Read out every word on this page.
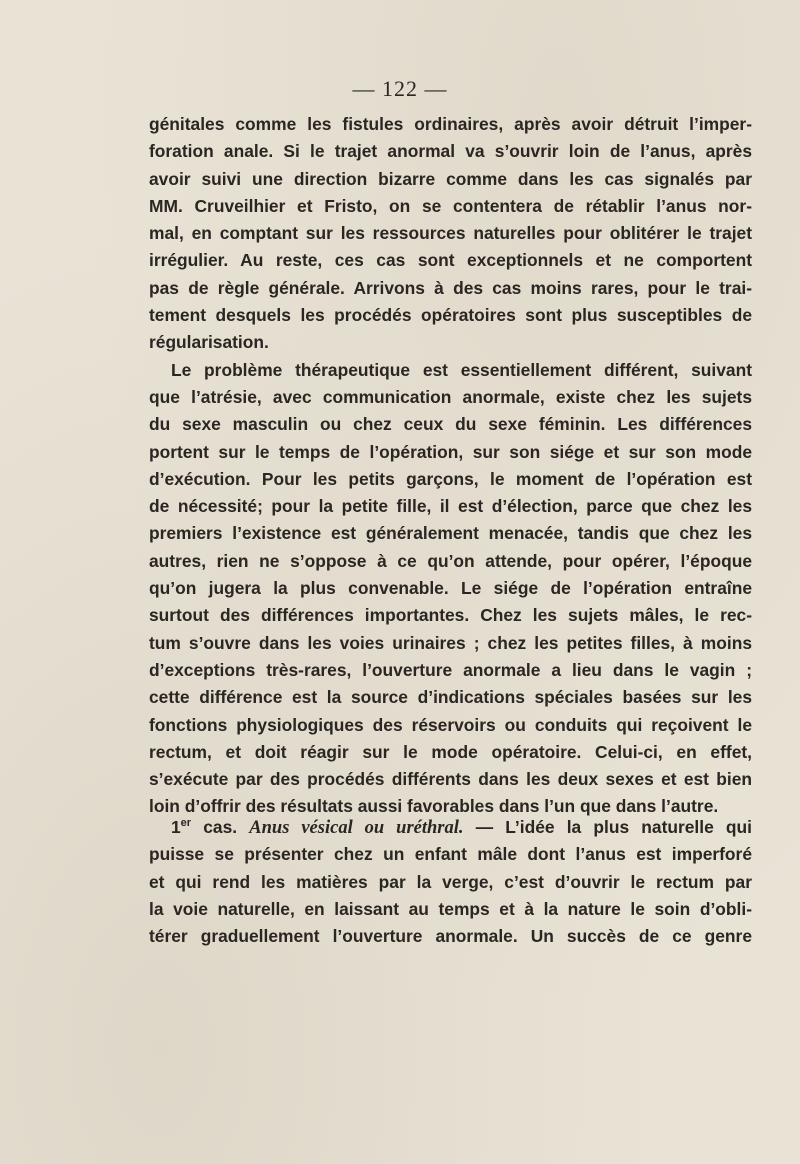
— 122 —
génitales comme les fistules ordinaires, après avoir détruit l’imper-
foration anale. Si le trajet anormal va s’ouvrir loin de l’anus, après
avoir suivi une direction bizarre comme dans les cas signalés par
MM. Cruveilhier et Fristo, on se contentera de rétablir l’anus nor-
mal, en comptant sur les ressources naturelles pour oblitérer le trajet
irrégulier. Au reste, ces cas sont exceptionnels et ne comportent
pas de règle générale. Arrivons à des cas moins rares, pour le trai-
tement desquels les procédés opératoires sont plus susceptibles de
régularisation.
Le problème thérapeutique est essentiellement différent, suivant
que l’atrésie, avec communication anormale, existe chez les sujets
du sexe masculin ou chez ceux du sexe féminin. Les différences
portent sur le temps de l’opération, sur son siége et sur son mode
d’exécution. Pour les petits garçons, le moment de l’opération est
de nécessité; pour la petite fille, il est d’élection, parce que chez les
premiers l’existence est généralement menacée, tandis que chez les
autres, rien ne s’oppose à ce qu’on attende, pour opérer, l’époque
qu’on jugera la plus convenable. Le siége de l’opération entraîne
surtout des différences importantes. Chez les sujets mâles, le rec-
tum s’ouvre dans les voies urinaires ; chez les petites filles, à moins
d’exceptions très-rares, l’ouverture anormale a lieu dans le vagin ;
cette différence est la source d’indications spéciales basées sur les
fonctions physiologiques des réservoirs ou conduits qui reçoivent le
rectum, et doit réagir sur le mode opératoire. Celui-ci, en effet,
s’exécute par des procédés différents dans les deux sexes et est bien
loin d’offrir des résultats aussi favorables dans l’un que dans l’autre.
1er cas. Anus vésical ou uréthral. — L’idée la plus naturelle qui
puisse se présenter chez un enfant mâle dont l’anus est imperforé
et qui rend les matières par la verge, c’est d’ouvrir le rectum par
la voie naturelle, en laissant au temps et à la nature le soin d’obli-
térer graduellement l’ouverture anormale. Un succès de ce genre
